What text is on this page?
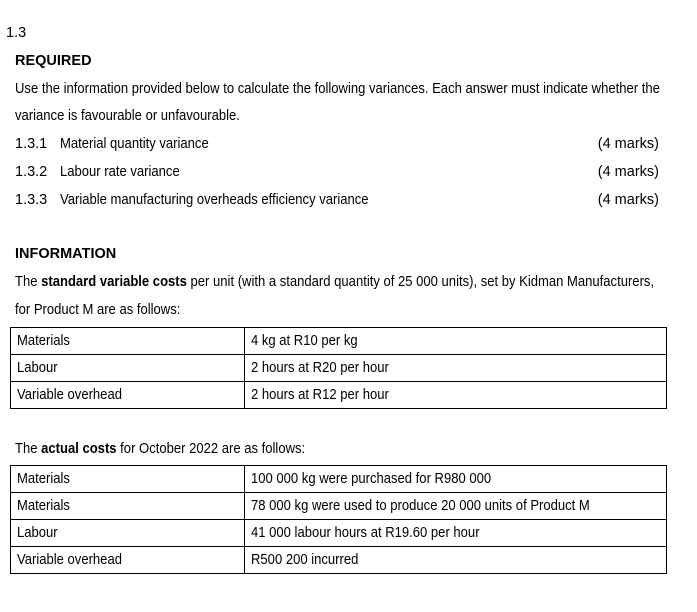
1.3
REQUIRED
Use the information provided below to calculate the following variances. Each answer must indicate whether the
variance is favourable or unfavourable.
1.3.1 Material quantity variance	(4 marks)
1.3.2 Labour rate variance	(4 marks)
1.3.3 Variable manufacturing overheads efficiency variance	(4 marks)
INFORMATION
The standard variable costs per unit (with a standard quantity of 25 000 units), set by Kidman Manufacturers,
for Product M are as follows:
Materials	4 kg at R10 per kg
Labour	2 hours at R20 per hour
Variable overhead	2 hours at R12 per hour
The actual costs for October 2022 are as follows:
Materials	100 000 kg were purchased for R980 000
Materials	78 000 kg were used to produce 20 000 units of Product M
Labour	41 000 labour hours at R19.60 per hour
Variable overhead	R500 200 incurred
